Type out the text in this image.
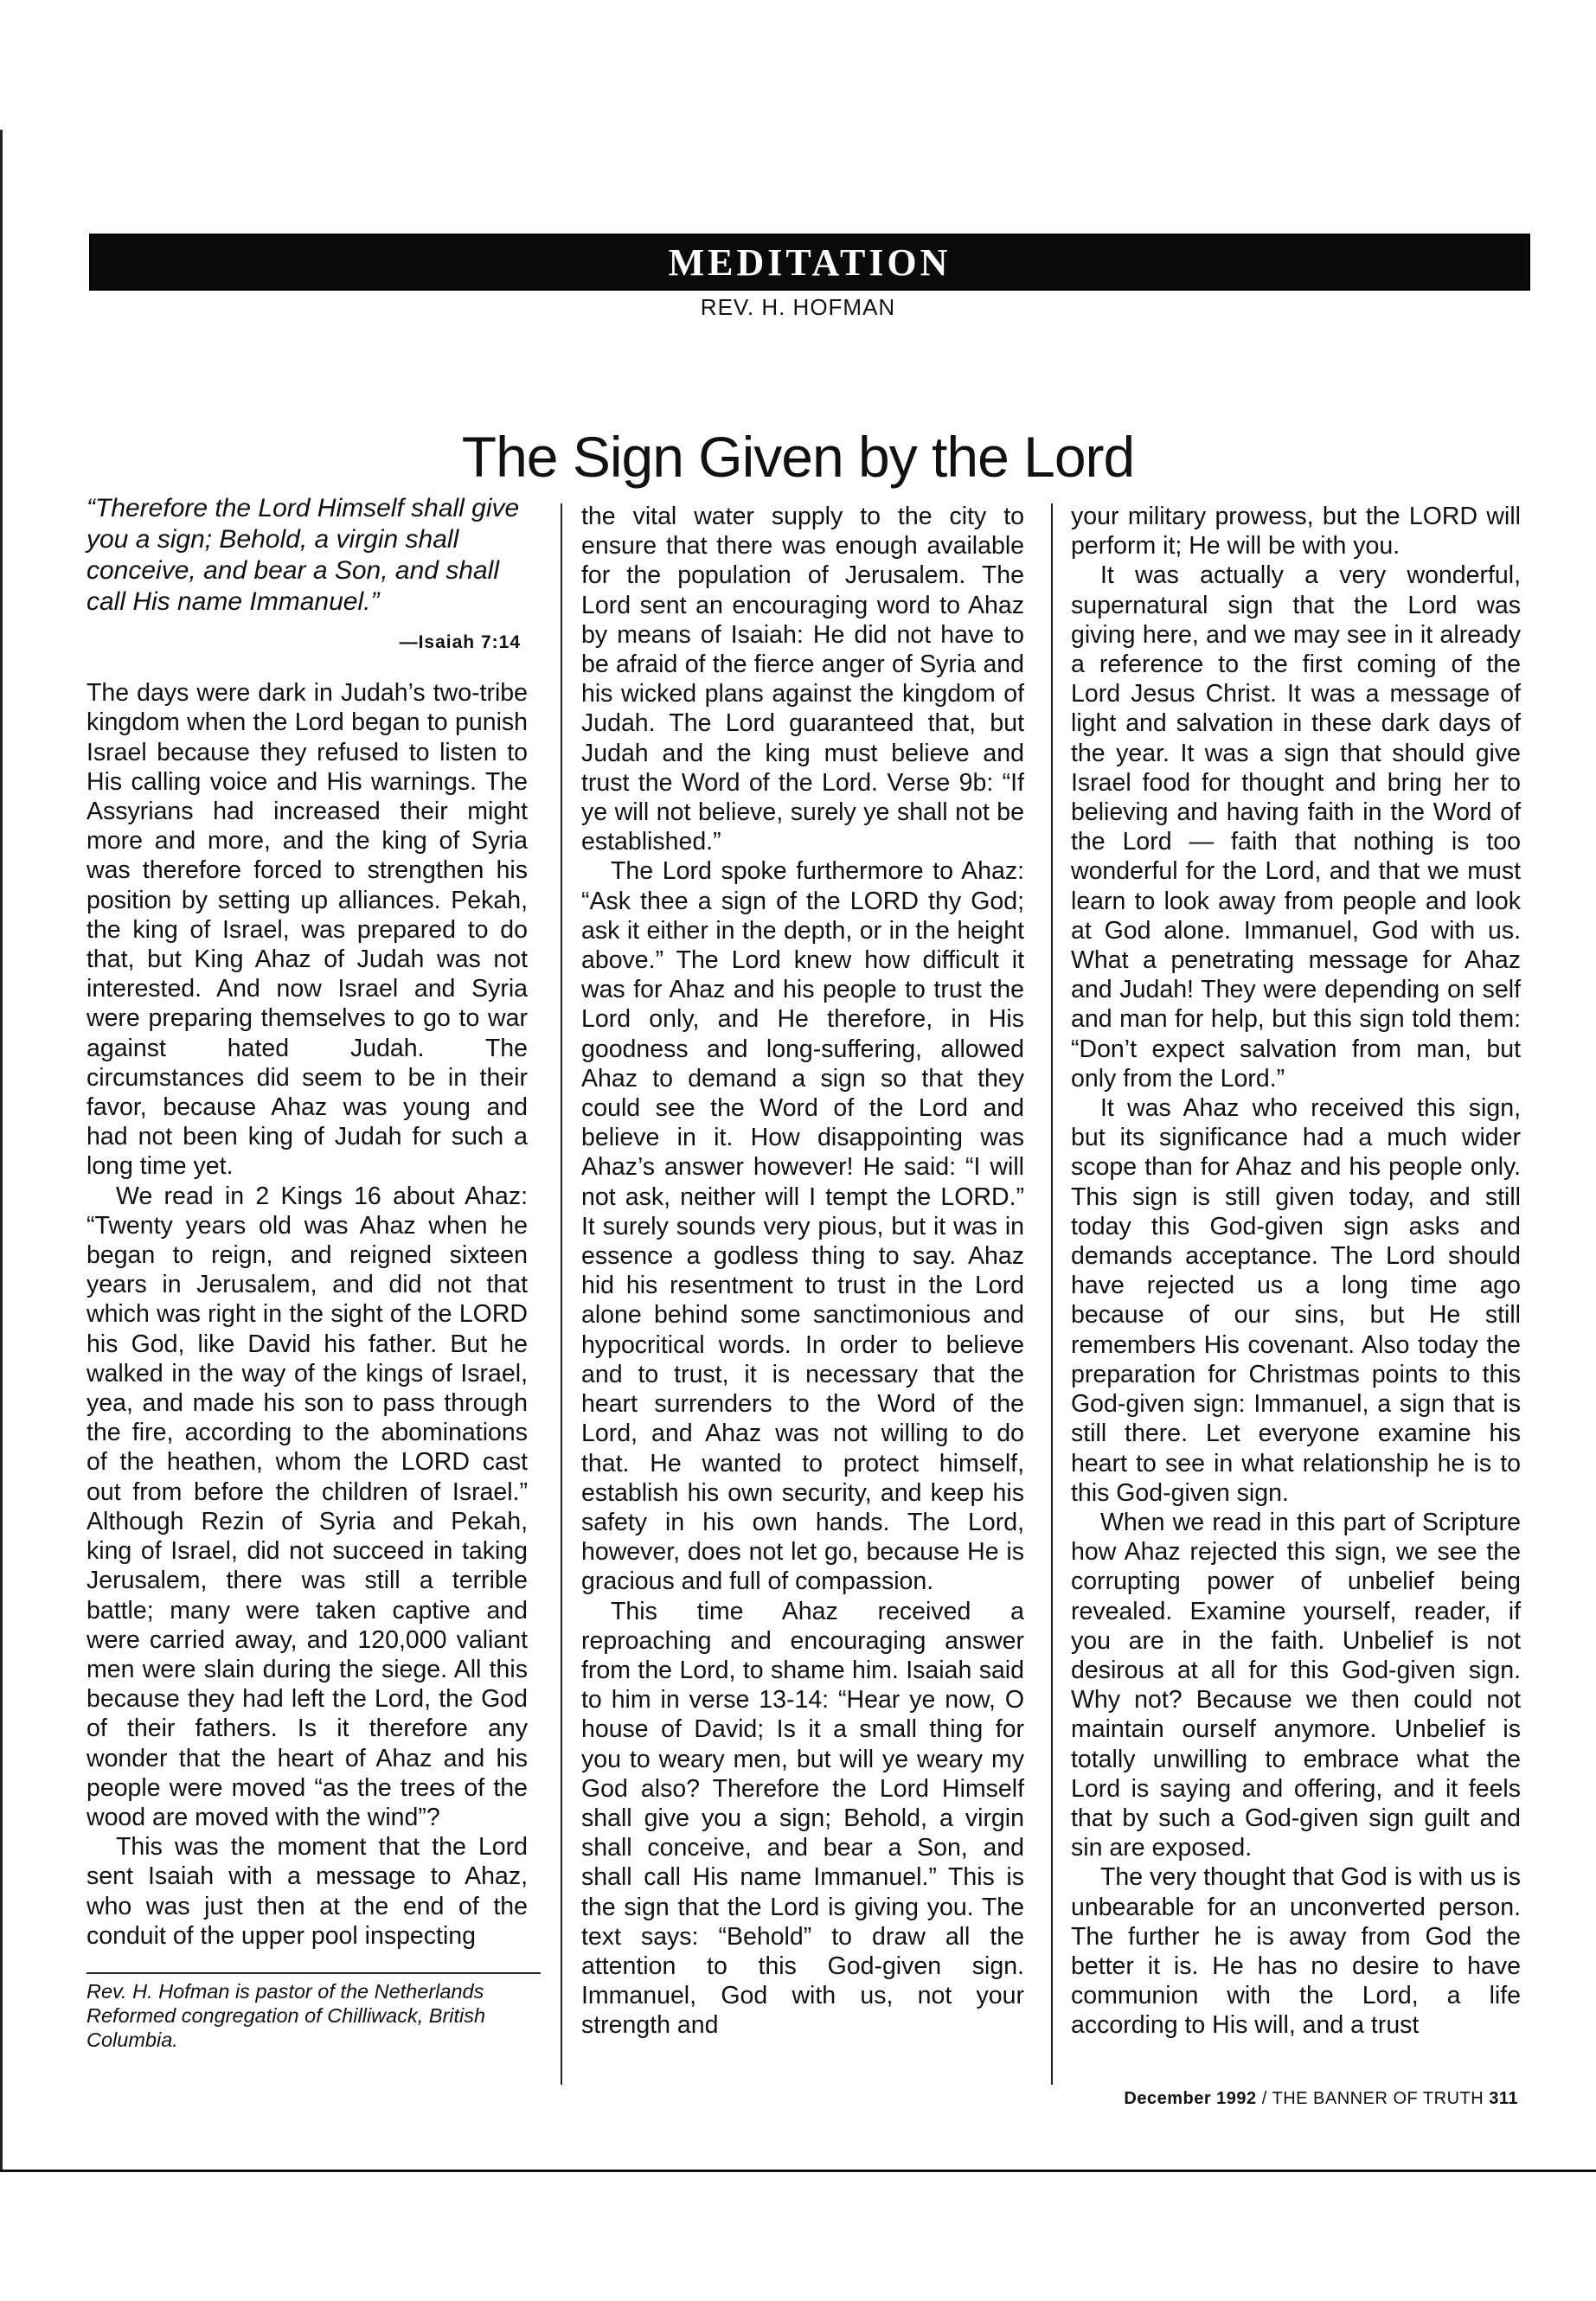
MEDITATION
REV. H. HOFMAN
The Sign Given by the Lord
“Therefore the Lord Himself shall give you a sign; Behold, a virgin shall conceive, and bear a Son, and shall call His name Immanuel.”
—Isaiah 7:14

The days were dark in Judah’s two-tribe kingdom when the Lord began to punish Israel because they refused to listen to His calling voice and His warnings. The Assyrians had increased their might more and more, and the king of Syria was therefore forced to strengthen his position by setting up alliances. Pekah, the king of Israel, was prepared to do that, but King Ahaz of Judah was not interested. And now Israel and Syria were preparing themselves to go to war against hated Judah. The circumstances did seem to be in their favor, because Ahaz was young and had not been king of Judah for such a long time yet.

We read in 2 Kings 16 about Ahaz: “Twenty years old was Ahaz when he began to reign, and reigned sixteen years in Jerusalem, and did not that which was right in the sight of the LORD his God, like David his father. But he walked in the way of the kings of Israel, yea, and made his son to pass through the fire, according to the abominations of the heathen, whom the LORD cast out from before the children of Israel.” Although Rezin of Syria and Pekah, king of Israel, did not succeed in taking Jerusalem, there was still a terrible battle; many were taken captive and were carried away, and 120,000 valiant men were slain during the siege. All this because they had left the Lord, the God of their fathers. Is it therefore any wonder that the heart of Ahaz and his people were moved “as the trees of the wood are moved with the wind”?

This was the moment that the Lord sent Isaiah with a message to Ahaz, who was just then at the end of the conduit of the upper pool inspecting

the vital water supply to the city to ensure that there was enough available for the population of Jerusalem. The Lord sent an encouraging word to Ahaz by means of Isaiah: He did not have to be afraid of the fierce anger of Syria and his wicked plans against the kingdom of Judah. The Lord guaranteed that, but Judah and the king must believe and trust the Word of the Lord. Verse 9b: “If ye will not believe, surely ye shall not be established.”

The Lord spoke furthermore to Ahaz: “Ask thee a sign of the LORD thy God; ask it either in the depth, or in the height above.” The Lord knew how difficult it was for Ahaz and his people to trust the Lord only, and He therefore, in His goodness and long-suffering, allowed Ahaz to demand a sign so that they could see the Word of the Lord and believe in it. How disappointing was Ahaz’s answer however! He said: “I will not ask, neither will I tempt the LORD.” It surely sounds very pious, but it was in essence a godless thing to say. Ahaz hid his resentment to trust in the Lord alone behind some sanctimonious and hypocritical words. In order to believe and to trust, it is necessary that the heart surrenders to the Word of the Lord, and Ahaz was not willing to do that. He wanted to protect himself, establish his own security, and keep his safety in his own hands. The Lord, however, does not let go, because He is gracious and full of compassion.

This time Ahaz received a reproaching and encouraging answer from the Lord, to shame him. Isaiah said to him in verse 13-14: “Hear ye now, O house of David; Is it a small thing for you to weary men, but will ye weary my God also? Therefore the Lord Himself shall give you a sign; Behold, a virgin shall conceive, and bear a Son, and shall call His name Immanuel.” This is the sign that the Lord is giving you. The text says: “Behold” to draw all the attention to this God-given sign. Immanuel, God with us, not your strength and

your military prowess, but the LORD will perform it; He will be with you.

It was actually a very wonderful, supernatural sign that the Lord was giving here, and we may see in it already a reference to the first coming of the Lord Jesus Christ. It was a message of light and salvation in these dark days of the year. It was a sign that should give Israel food for thought and bring her to believing and having faith in the Word of the Lord — faith that nothing is too wonderful for the Lord, and that we must learn to look away from people and look at God alone. Immanuel, God with us. What a penetrating message for Ahaz and Judah! They were depending on self and man for help, but this sign told them: “Don’t expect salvation from man, but only from the Lord.”

It was Ahaz who received this sign, but its significance had a much wider scope than for Ahaz and his people only. This sign is still given today, and still today this God-given sign asks and demands acceptance. The Lord should have rejected us a long time ago because of our sins, but He still remembers His covenant. Also today the preparation for Christmas points to this God-given sign: Immanuel, a sign that is still there. Let everyone examine his heart to see in what relationship he is to this God-given sign.

When we read in this part of Scripture how Ahaz rejected this sign, we see the corrupting power of unbelief being revealed. Examine yourself, reader, if you are in the faith. Unbelief is not desirous at all for this God-given sign. Why not? Because we then could not maintain ourself anymore. Unbelief is totally unwilling to embrace what the Lord is saying and offering, and it feels that by such a God-given sign guilt and sin are exposed.

The very thought that God is with us is unbearable for an unconverted person. The further he is away from God the better it is. He has no desire to have communion with the Lord, a life according to His will, and a trust

Rev. H. Hofman is pastor of the Netherlands Reformed congregation of Chilliwack, British Columbia.
December 1992 / THE BANNER OF TRUTH 311
